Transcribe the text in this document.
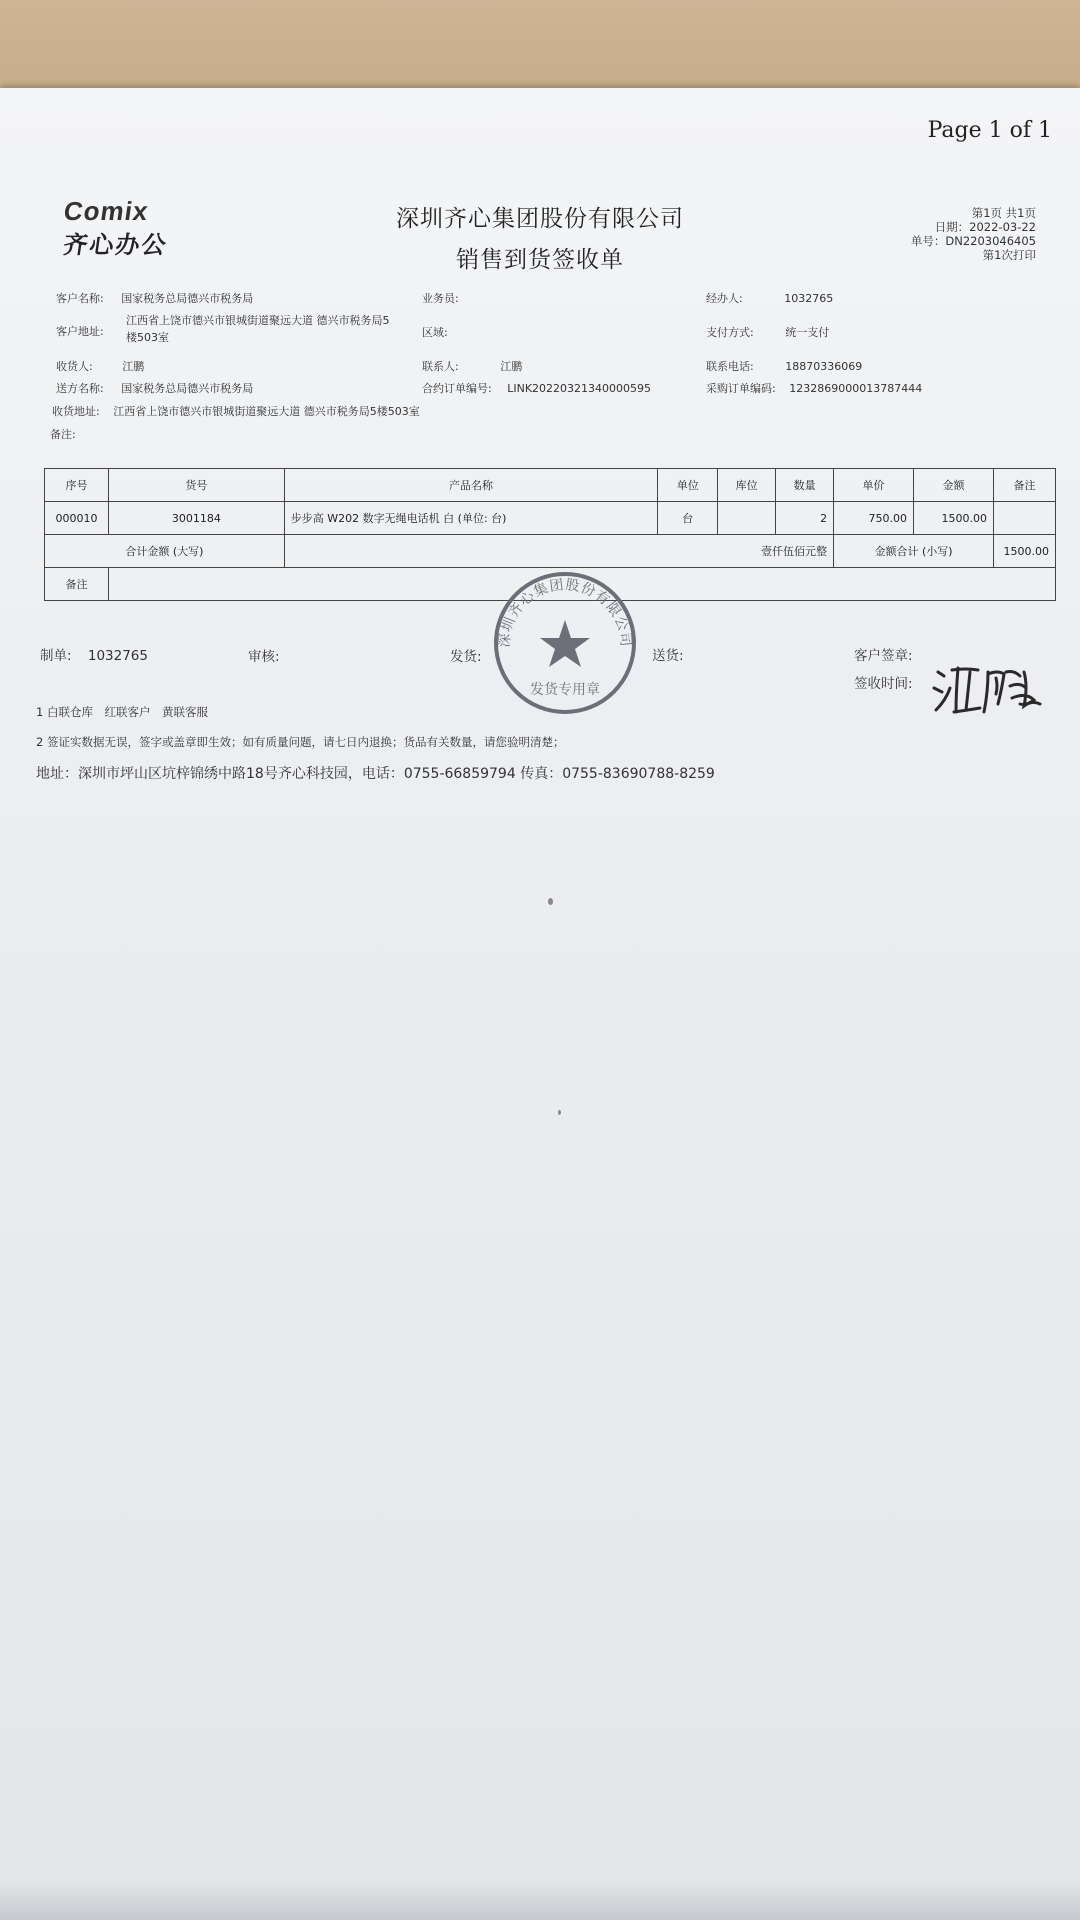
Page 1 of 1
Comix
齐心办公
深圳齐心集团股份有限公司
销售到货签收单
第1页 共1页
日期：2022-03-22
单号：DN2203046405
第1次打印
客户名称: 国家税务总局德兴市税务局	业务员:	经办人:	1032765
客户地址:
江西省上饶市德兴市银城街道聚远大道 德兴市税务局5
楼503室	区域:	支付方式:	统一支付
收货人:	江鹏	联系人:	江鹏	联系电话:	18870336069
送方名称: 国家税务总局德兴市税务局	合约订单编号: LINK20220321340000595	采购订单编码: 1232869000013787444
收货地址: 江西省上饶市德兴市银城街道聚远大道 德兴市税务局5楼503室
备注:
序号	货号	产品名称	单位	库位	数量	单价	金额	备注
000010	3001184	步步高 W202 数字无绳电话机 白 (单位: 台)	台		2	750.00	1500.00	
合计金额 (大写)		壹仟伍佰元整				金额合计 (小写)		1500.00
备注								
制单: 1032765	审核:	发货:	送货:	客户签章:
签收时间:
深圳齐心集团股份有限公司
发货专用章
1 白联仓库　红联客户　黄联客服
2 签证实数据无误，签字或盖章即生效；如有质量问题，请七日内退换；货品有关数量，请您验明清楚；
地址：深圳市坪山区坑梓锦绣中路18号齐心科技园，电话：0755-66859794 传真：0755-83690788-8259
